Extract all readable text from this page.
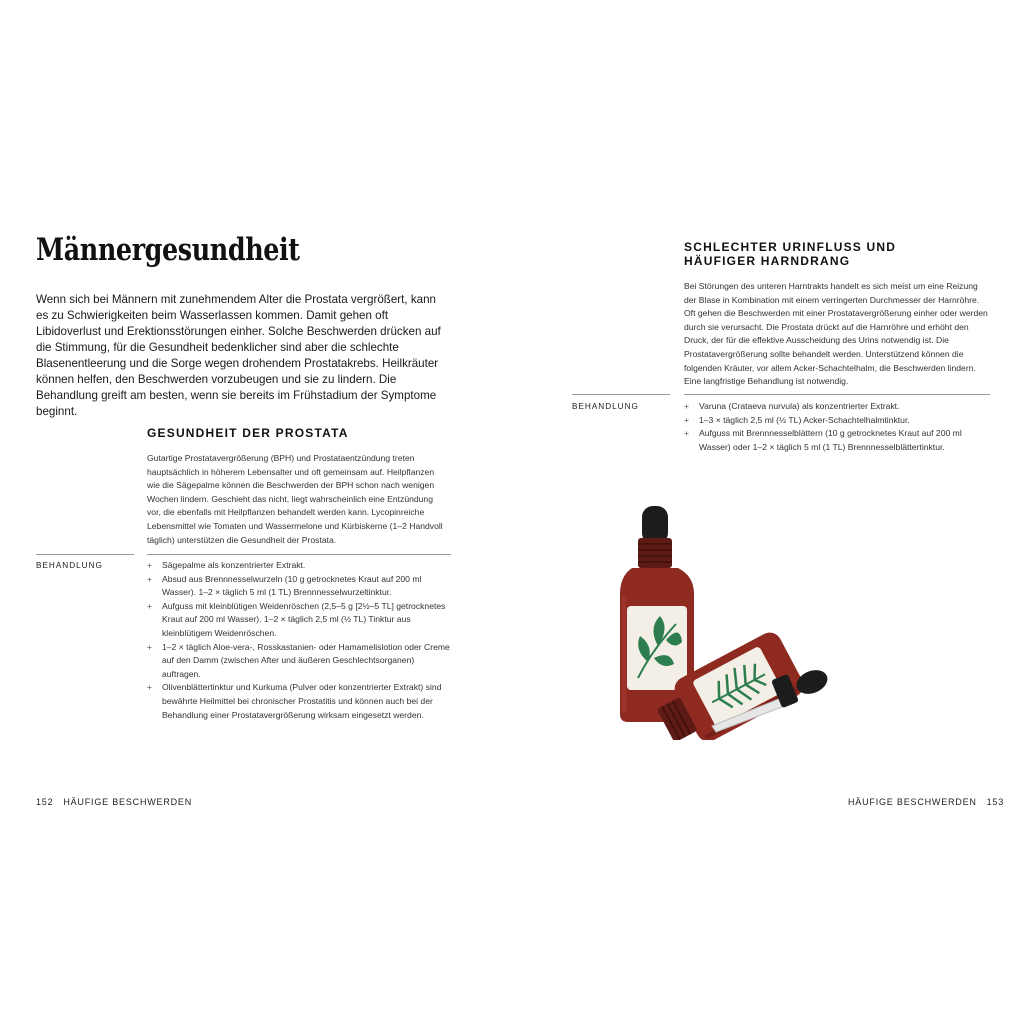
Männergesundheit

Wenn sich bei Männern mit zunehmendem Alter die Prostata vergrößert, kann es zu Schwierigkeiten beim Wasserlassen kommen. Damit gehen oft Libidoverlust und Erektionsstörungen einher. Solche Beschwerden drücken auf die Stimmung, für die Gesundheit bedenklicher sind aber die schlechte Blasenentleerung und die Sorge wegen drohendem Prostatakrebs. Heilkräuter können helfen, den Beschwerden vorzubeugen und sie zu lindern. Die Behandlung greift am besten, wenn sie bereits im Frühstadium der Symptome beginnt.

GESUNDHEIT DER PROSTATA
Gutartige Prostatavergrößerung (BPH) und Prostataentzündung treten hauptsächlich in höherem Lebensalter und oft gemeinsam auf. Heilpflanzen wie die Sägepalme können die Beschwerden der BPH schon nach wenigen Wochen lindern. Geschieht das nicht, liegt wahrscheinlich eine Entzündung vor, die ebenfalls mit Heilpflanzen behandelt werden kann. Lycopinreiche Lebensmittel wie Tomaten und Wassermelone und Kürbiskerne (1–2 Handvoll täglich) unterstützen die Gesundheit der Prostata.
BEHANDLUNG	+ Sägepalme als konzentrierter Extrakt.
+ Absud aus Brennnesselwurzeln (10 g getrocknetes Kraut auf 200 ml Wasser). 1–2 × täglich 5 ml (1 TL) Brennnesselwurzeltinktur.
+ Aufguss mit kleinblütigen Weidenröschen (2,5–5 g [2½–5 TL] getrocknetes Kraut auf 200 ml Wasser). 1–2 × täglich 2,5 ml (½ TL) Tinktur aus kleinblütigem Weidenröschen.
+ 1–2 × täglich Aloe-vera-, Rosskastanien- oder Hamamelislotion oder Creme auf den Damm (zwischen After und äußeren Geschlechtsorganen) auftragen.
+ Olivenblättertinktur und Kurkuma (Pulver oder konzentrierter Extrakt) sind bewährte Heilmittel bei chronischer Prostatitis und können auch bei der Behandlung einer Prostatavergrößerung wirksam eingesetzt werden.
152 HÄUFIGE BESCHWERDEN
SCHLECHTER URINFLUSS UND
HÄUFIGER HARNDRANG
Bei Störungen des unteren Harntrakts handelt es sich meist um eine Reizung der Blase in Kombination mit einem verringerten Durchmesser der Harnröhre. Oft gehen die Beschwerden mit einer Prostatavergrößerung einher oder werden durch sie verursacht. Die Prostata drückt auf die Harnröhre und erhöht den Druck, der für die effektive Ausscheidung des Urins notwendig ist. Die Prostatavergrößerung sollte behandelt werden. Unterstützend können die folgenden Kräuter, vor allem Acker-Schachtelhalm, die Beschwerden lindern. Eine langfristige Behandlung ist notwendig.
BEHANDLUNG	+ Varuna (Crataeva nurvula) als konzentrierter Extrakt.
+ 1–3 × täglich 2,5 ml (½ TL) Acker-Schachtelhalmtinktur.
+ Aufguss mit Brennnesselblättern (10 g getrocknetes Kraut auf 200 ml Wasser) oder 1–2 × täglich 5 ml (1 TL) Brennnesselblättertinktur.
HÄUFIGE BESCHWERDEN 153
